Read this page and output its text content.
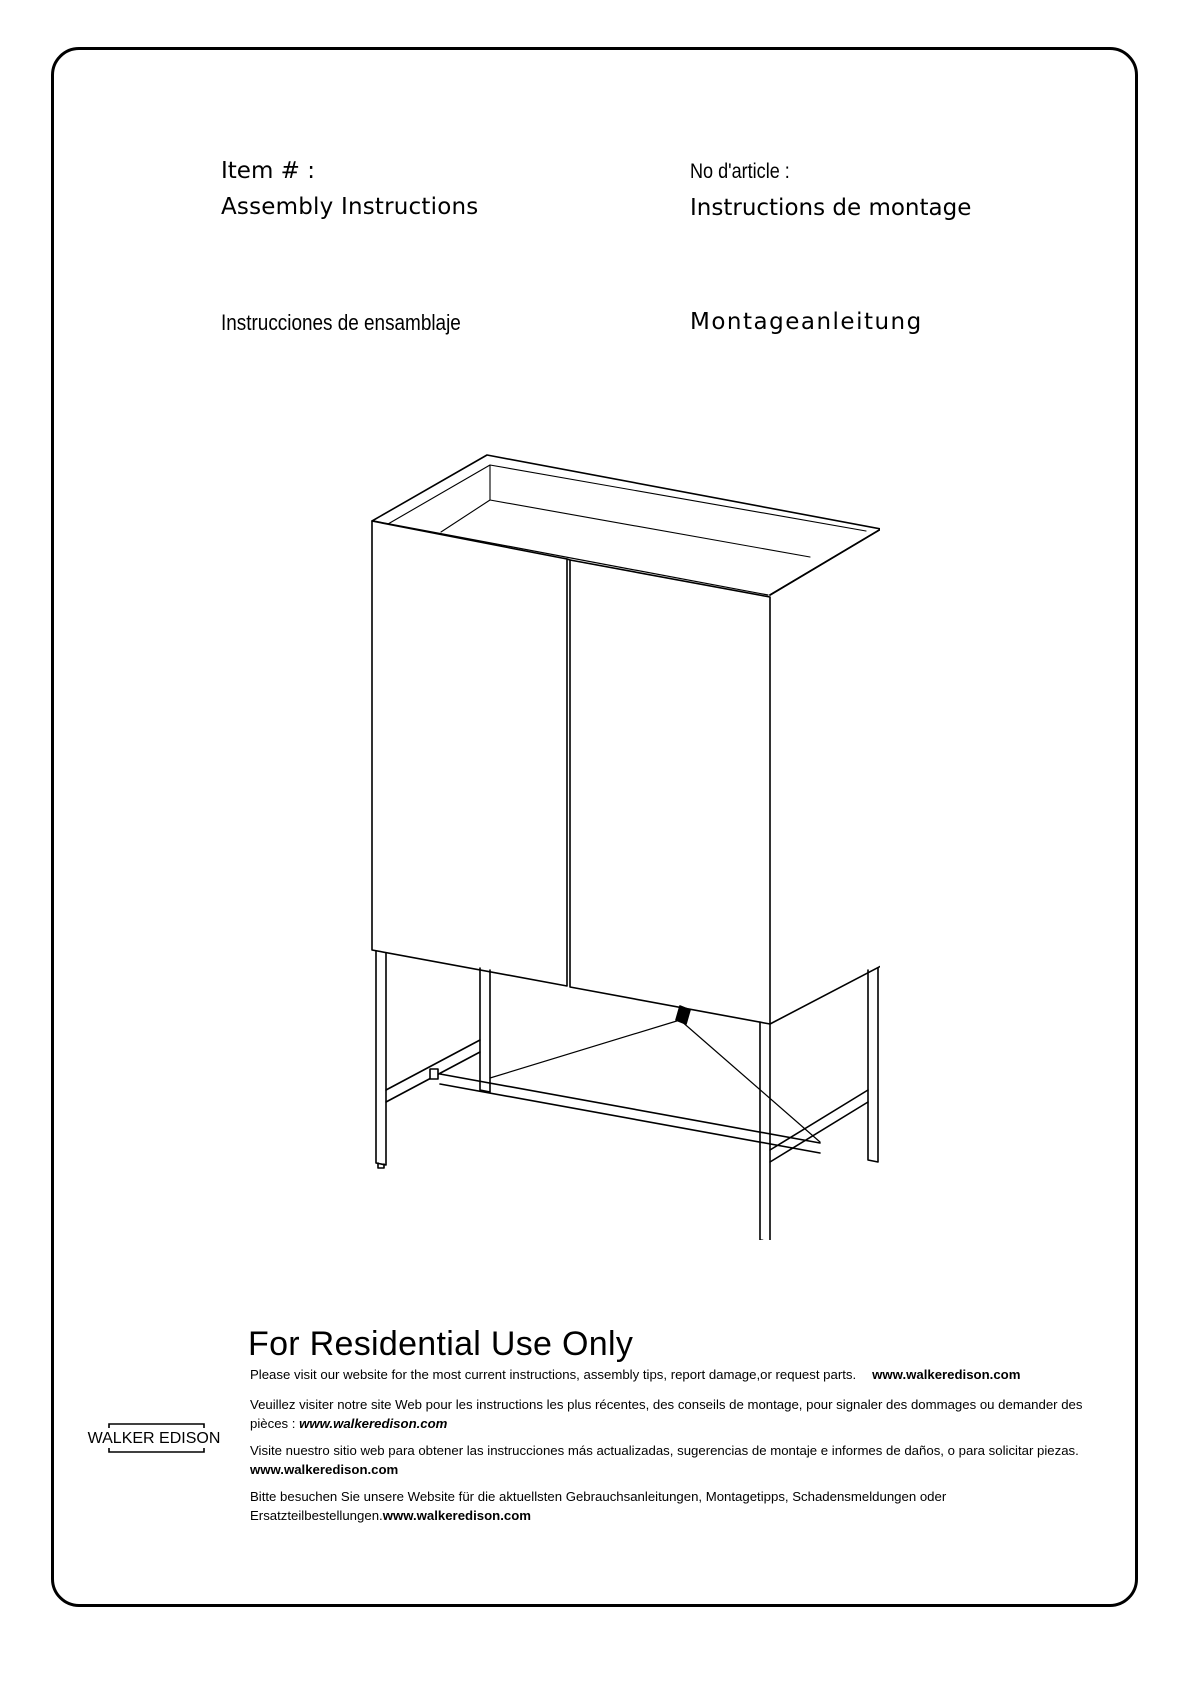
Item # :
Assembly Instructions
No d'article :
Instructions de montage
Instrucciones de ensamblaje	Montageanleitung
For Residential Use Only

Please visit our website for the most current instructions, assembly tips, report damage,or request parts. www.walkeredison.com

Veuillez visiter notre site Web pour les instructions les plus récentes, des conseils de montage, pour signaler des dommages ou demander des pièces : www.walkeredison.com

Visite nuestro sitio web para obtener las instrucciones más actualizadas, sugerencias de montaje e informes de daños, o para solicitar piezas. www.walkeredison.com

Bitte besuchen Sie unsere Website für die aktuellsten Gebrauchsanleitungen, Montagetipps, Schadensmeldungen oder Ersatzteilbestellungen.www.walkeredison.com

WALKER EDISON
